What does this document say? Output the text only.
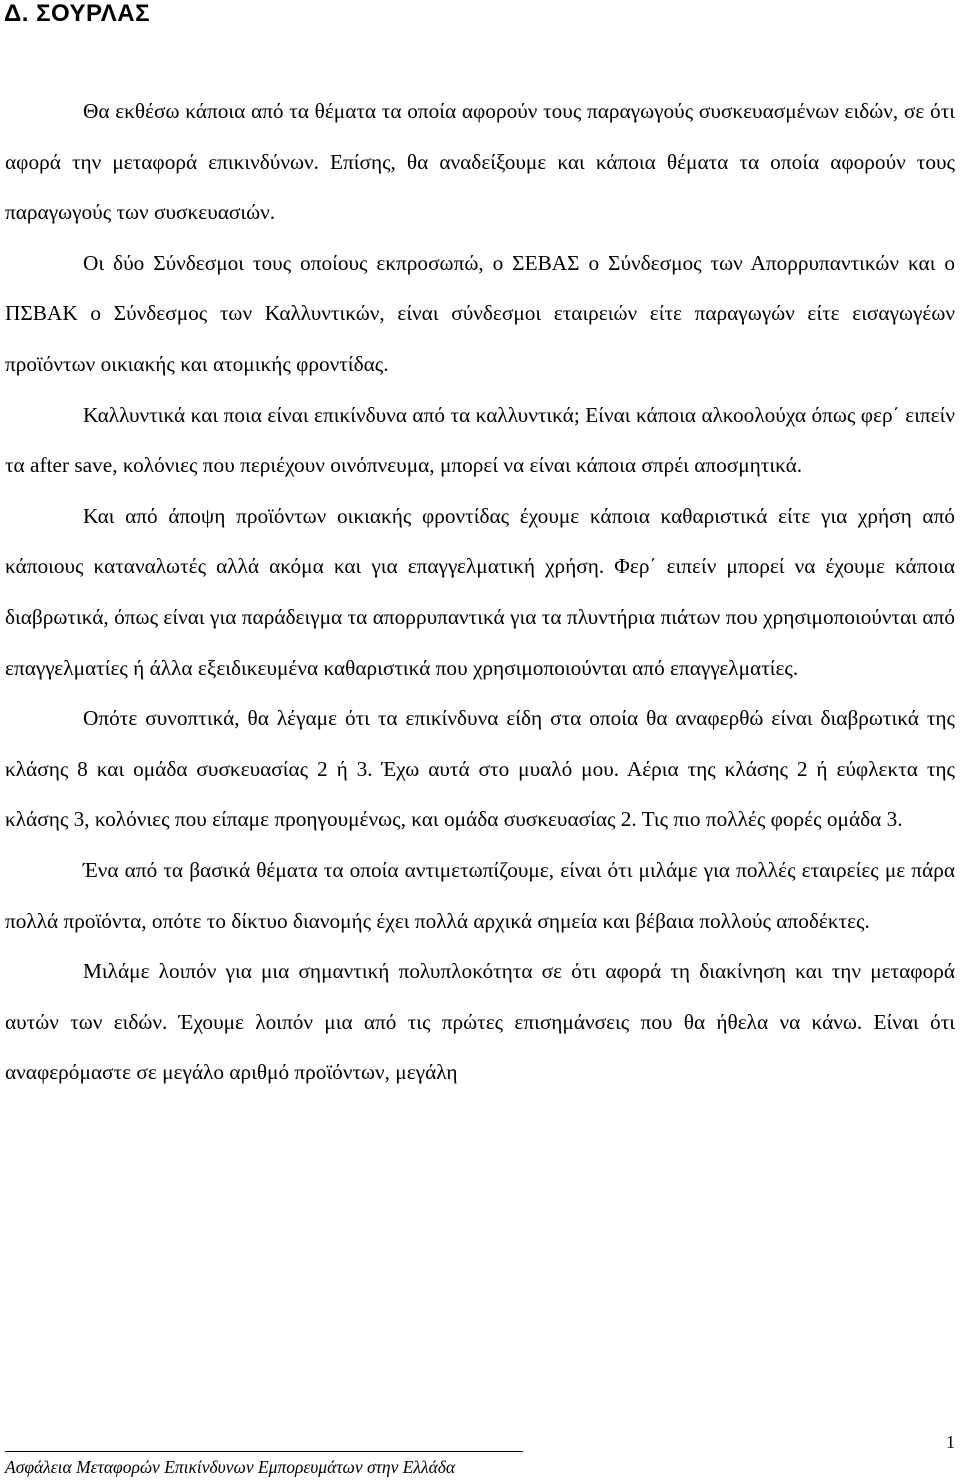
Δ. ΣΟΥΡΛΑΣ

Θα εκθέσω κάποια από τα θέματα τα οποία αφορούν τους παραγωγούς συσκευασμένων ειδών, σε ότι αφορά την μεταφορά επικινδύνων. Επίσης, θα αναδείξουμε και κάποια θέματα τα οποία αφορούν τους παραγωγούς των συσκευασιών.

Οι δύο Σύνδεσμοι τους οποίους εκπροσωπώ, ο ΣΕΒΑΣ ο Σύνδεσμος των Απορρυπαντικών και ο ΠΣΒΑΚ ο Σύνδεσμος των Καλλυντικών, είναι σύνδεσμοι εταιρειών είτε παραγωγών είτε εισαγωγέων προϊόντων οικιακής και ατομικής φροντίδας.

Καλλυντικά και ποια είναι επικίνδυνα από τα καλλυντικά; Είναι κάποια αλκοολούχα όπως φερ΄ ειπείν τα after save, κολόνιες που περιέχουν οινόπνευμα, μπορεί να είναι κάποια σπρέι αποσμητικά.

Και από άποψη προϊόντων οικιακής φροντίδας έχουμε κάποια καθαριστικά είτε για χρήση από κάποιους καταναλωτές αλλά ακόμα και για επαγγελματική χρήση. Φερ΄ ειπείν μπορεί να έχουμε κάποια διαβρωτικά, όπως είναι για παράδειγμα τα απορρυπαντικά για τα πλυντήρια πιάτων που χρησιμοποιούνται από επαγγελματίες ή άλλα εξειδικευμένα καθαριστικά που χρησιμοποιούνται από επαγγελματίες.

Οπότε συνοπτικά, θα λέγαμε ότι τα επικίνδυνα είδη στα οποία θα αναφερθώ είναι διαβρωτικά της κλάσης 8 και ομάδα συσκευασίας 2 ή 3. Έχω αυτά στο μυαλό μου. Αέρια της κλάσης 2 ή εύφλεκτα της κλάσης 3, κολόνιες που είπαμε προηγουμένως, και ομάδα συσκευασίας 2. Τις πιο πολλές φορές ομάδα 3.

Ένα από τα βασικά θέματα τα οποία αντιμετωπίζουμε, είναι ότι μιλάμε για πολλές εταιρείες με πάρα πολλά προϊόντα, οπότε το δίκτυο διανομής έχει πολλά αρχικά σημεία και βέβαια πολλούς αποδέκτες.

Μιλάμε λοιπόν για μια σημαντική πολυπλοκότητα σε ότι αφορά τη διακίνηση και την μεταφορά αυτών των ειδών. Έχουμε λοιπόν μια από τις πρώτες επισημάνσεις που θα ήθελα να κάνω. Είναι ότι αναφερόμαστε σε μεγάλο αριθμό προϊόντων, μεγάλη

1
Ασφάλεια Μεταφορών Επικίνδυνων Εμπορευμάτων στην Ελλάδα
